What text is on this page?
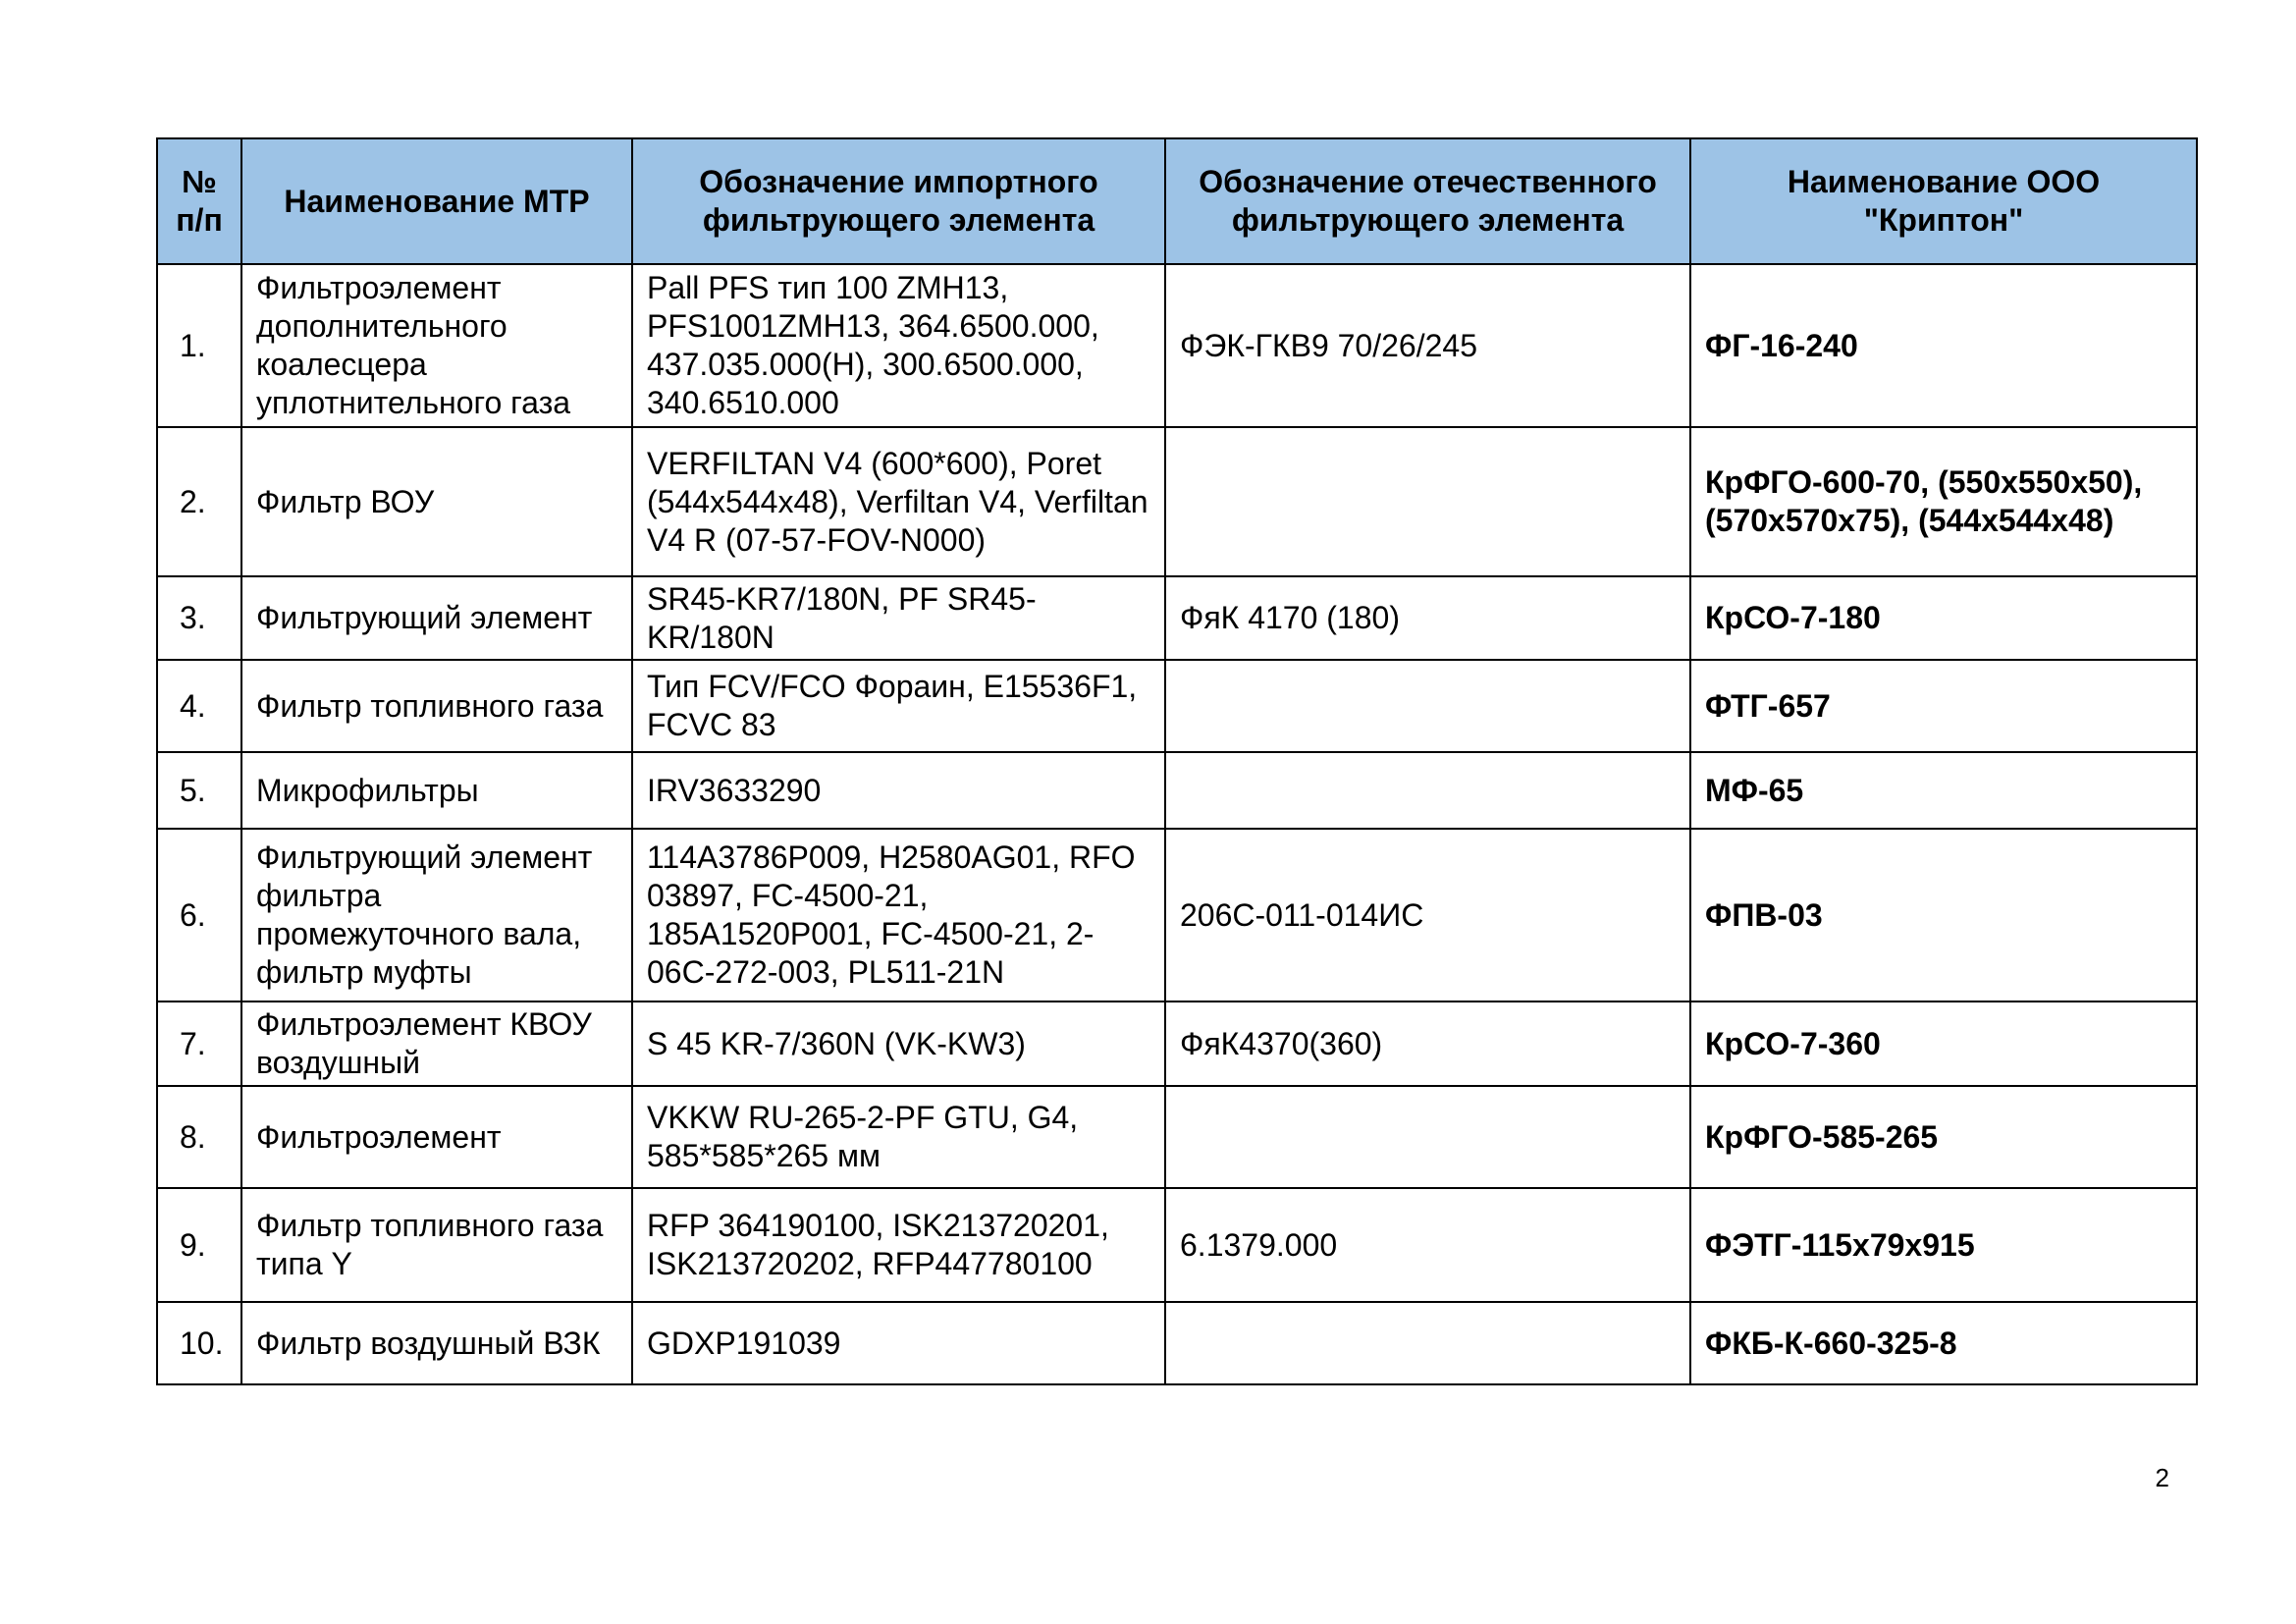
№ п/п	Наименование МТР	Обозначение импортного фильтрующего элемента	Обозначение отечественного фильтрующего элемента	Наименование ООО "Криптон"
1.	Фильтроэлемент дополнительного коалесцера уплотнительного газа	Pall PFS тип 100 ZMH13, PFS1001ZMH13, 364.6500.000, 437.035.000(H), 300.6500.000, 340.6510.000	ФЭК-ГКВ9 70/26/245	ФГ-16-240
2.	Фильтр ВОУ	VERFILTAN V4 (600*600), Poret (544x544x48), Verfiltan V4, Verfiltan V4 R (07-57-FOV-N000)		КрФГО-600-70, (550х550х50), (570х570х75), (544x544x48)
3.	Фильтрующий элемент	SR45-KR7/180N, PF SR45-KR/180N	ФяК 4170 (180)	КрСО-7-180
4.	Фильтр топливного газа	Тип FCV/FCO Фораин, E15536F1, FCVC 83		ФТГ-657
5.	Микрофильтры	IRV3633290		МФ-65
6.	Фильтрующий элемент фильтра промежуточного вала, фильтр муфты	114A3786P009, H2580AG01, RFO 03897, FC-4500-21, 185A1520P001, FC-4500-21, 2-06C-272-003, PL511-21N	206С-011-014ИС	ФПВ-03
7.	Фильтроэлемент КВОУ воздушный	S 45 KR-7/360N (VK-KW3)	ФяК4370(360)	КрСО-7-360
8.	Фильтроэлемент	VKKW RU-265-2-PF GTU, G4, 585*585*265 мм		КрФГО-585-265
9.	Фильтр топливного газа типа Y	RFP 364190100, ISK213720201, ISK213720202, RFP447780100	6.1379.000	ФЭТГ-115х79х915
10.	Фильтр воздушный ВЗК	GDXP191039		ФКБ-К-660-325-8
2
